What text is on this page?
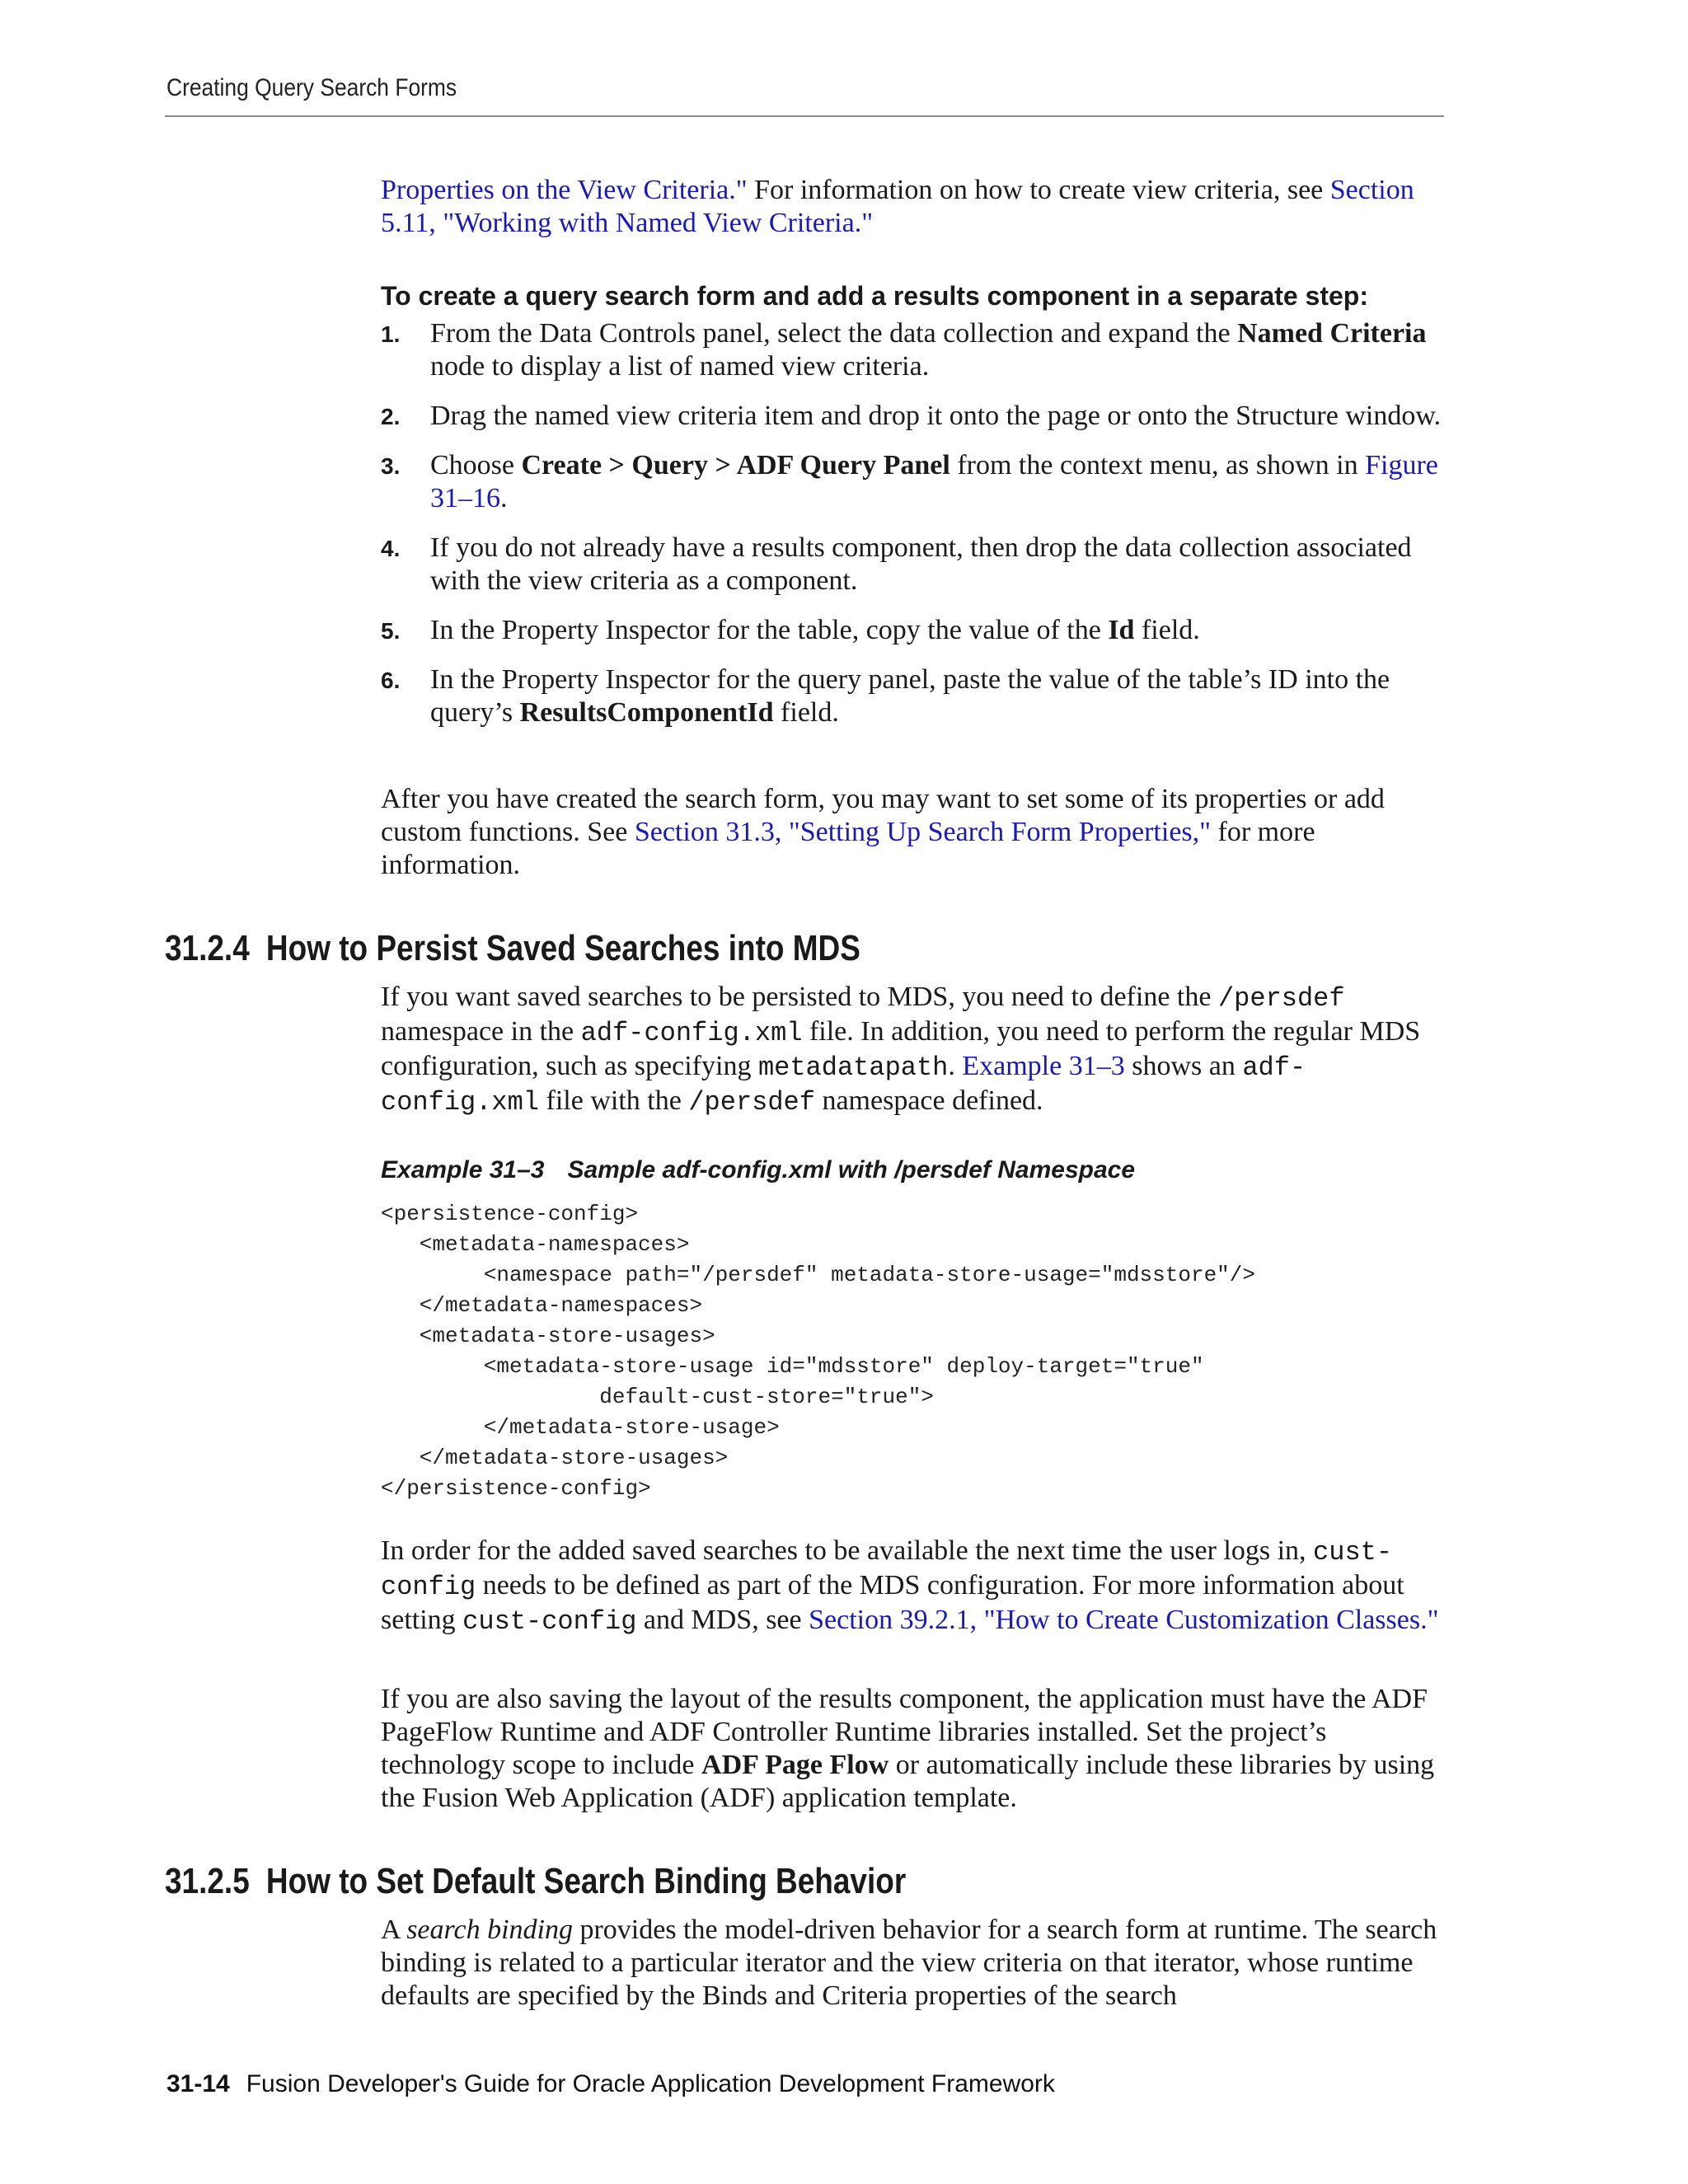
Creating Query Search Forms

Properties on the View Criteria." For information on how to create view criteria, see Section 5.11, "Working with Named View Criteria."

To create a query search form and add a results component in a separate step:
1. From the Data Controls panel, select the data collection and expand the Named Criteria node to display a list of named view criteria.
2. Drag the named view criteria item and drop it onto the page or onto the Structure window.
3. Choose Create > Query > ADF Query Panel from the context menu, as shown in Figure 31–16.
4. If you do not already have a results component, then drop the data collection associated with the view criteria as a component.
5. In the Property Inspector for the table, copy the value of the Id field.
6. In the Property Inspector for the query panel, paste the value of the table’s ID into the query’s ResultsComponentId field.

After you have created the search form, you may want to set some of its properties or add custom functions. See Section 31.3, "Setting Up Search Form Properties," for more information.

31.2.4 How to Persist Saved Searches into MDS

If you want saved searches to be persisted to MDS, you need to define the /persdef namespace in the adf-config.xml file. In addition, you need to perform the regular MDS configuration, such as specifying metadatapath. Example 31–3 shows an adf-config.xml file with the /persdef namespace defined.

Example 31–3 Sample adf-config.xml with /persdef Namespace
<persistence-config>
<metadata-namespaces>
<namespace path="/persdef" metadata-store-usage="mdsstore"/>
</metadata-namespaces>
<metadata-store-usages>
<metadata-store-usage id="mdsstore" deploy-target="true"
default-cust-store="true">
</metadata-store-usage>
</metadata-store-usages>
</persistence-config>

In order for the added saved searches to be available the next time the user logs in, cust-config needs to be defined as part of the MDS configuration. For more information about setting cust-config and MDS, see Section 39.2.1, "How to Create Customization Classes."

If you are also saving the layout of the results component, the application must have the ADF PageFlow Runtime and ADF Controller Runtime libraries installed. Set the project’s technology scope to include ADF Page Flow or automatically include these libraries by using the Fusion Web Application (ADF) application template.

31.2.5 How to Set Default Search Binding Behavior

A search binding provides the model-driven behavior for a search form at runtime. The search binding is related to a particular iterator and the view criteria on that iterator, whose runtime defaults are specified by the Binds and Criteria properties of the search

31-14 Fusion Developer's Guide for Oracle Application Development Framework
